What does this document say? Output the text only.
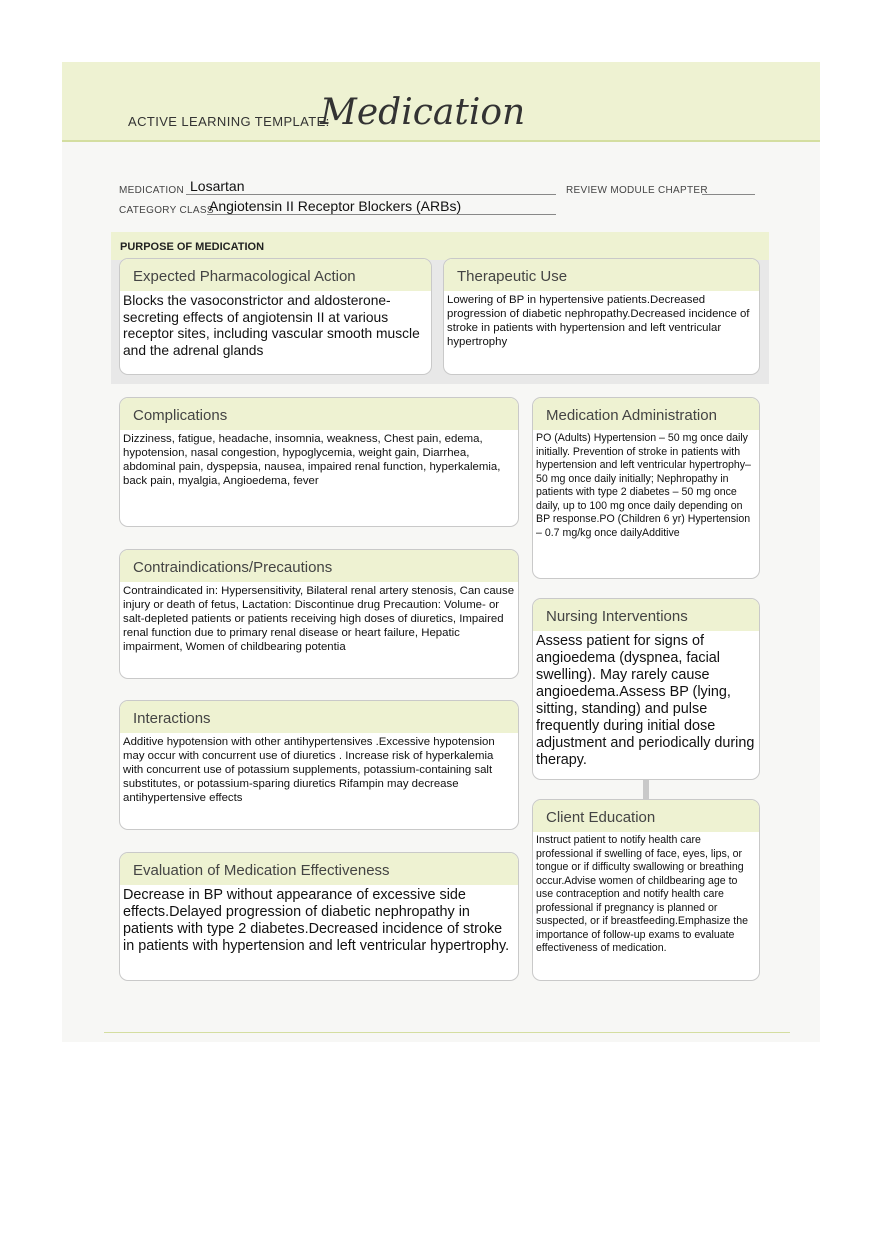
ACTIVE LEARNING TEMPLATE:
Medication
MEDICATION Losartan	REVIEW MODULE CHAPTER
CATEGORY CLASS
Angiotensin II Receptor Blockers (ARBs)
PURPOSE OF MEDICATION
Expected Pharmacological Action
Blocks the vasoconstrictor and aldosterone-secreting effects of angiotensin II at various receptor sites, including vascular smooth muscle and the adrenal glands
Therapeutic Use
Lowering of BP in hypertensive patients.Decreased progression of diabetic nephropathy.Decreased incidence of stroke in patients with hypertension and left ventricular hypertrophy
Complications
Dizziness, fatigue, headache, insomnia, weakness, Chest pain, edema, hypotension, nasal congestion, hypoglycemia, weight gain, Diarrhea, abdominal pain, dyspepsia, nausea, impaired renal function, hyperkalemia, back pain, myalgia, Angioedema, fever
Medication Administration
PO (Adults) Hypertension – 50 mg once daily initially. Prevention of stroke in patients with hypertension and left ventricular hypertrophy– 50 mg once daily initially; Nephropathy in patients with type 2 diabetes – 50 mg once daily, up to 100 mg once daily depending on BP response.PO (Children 6 yr) Hypertension – 0.7 mg/kg once dailyAdditive
Contraindications/Precautions
Contraindicated in: Hypersensitivity, Bilateral renal artery stenosis, Can cause injury or death of fetus, Lactation: Discontinue drug Precaution: Volume- or salt-depleted patients or patients receiving high doses of diuretics, Impaired renal function due to primary renal disease or heart failure, Hepatic impairment, Women of childbearing potentia
Nursing Interventions
Assess patient for signs of angioedema (dyspnea, facial swelling). May rarely cause angioedema.Assess BP (lying, sitting, standing) and pulse frequently during initial dose adjustment and periodically during therapy.
Interactions
Additive hypotension with other antihypertensives .Excessive hypotension may occur with concurrent use of diuretics . Increase risk of hyperkalemia with concurrent use of potassium supplements, potassium-containing salt substitutes, or potassium-sparing diuretics Rifampin may decrease antihypertensive effects
Client Education
Instruct patient to notify health care professional if swelling of face, eyes, lips, or tongue or if difficulty swallowing or breathing occur.Advise women of childbearing age to use contraception and notify health care professional if pregnancy is planned or suspected, or if breastfeeding.Emphasize the importance of follow-up exams to evaluate effectiveness of medication.
Evaluation of Medication Effectiveness
Decrease in BP without appearance of excessive side effects.Delayed progression of diabetic nephropathy in patients with type 2 diabetes.Decreased incidence of stroke in patients with hypertension and left ventricular hypertrophy.
